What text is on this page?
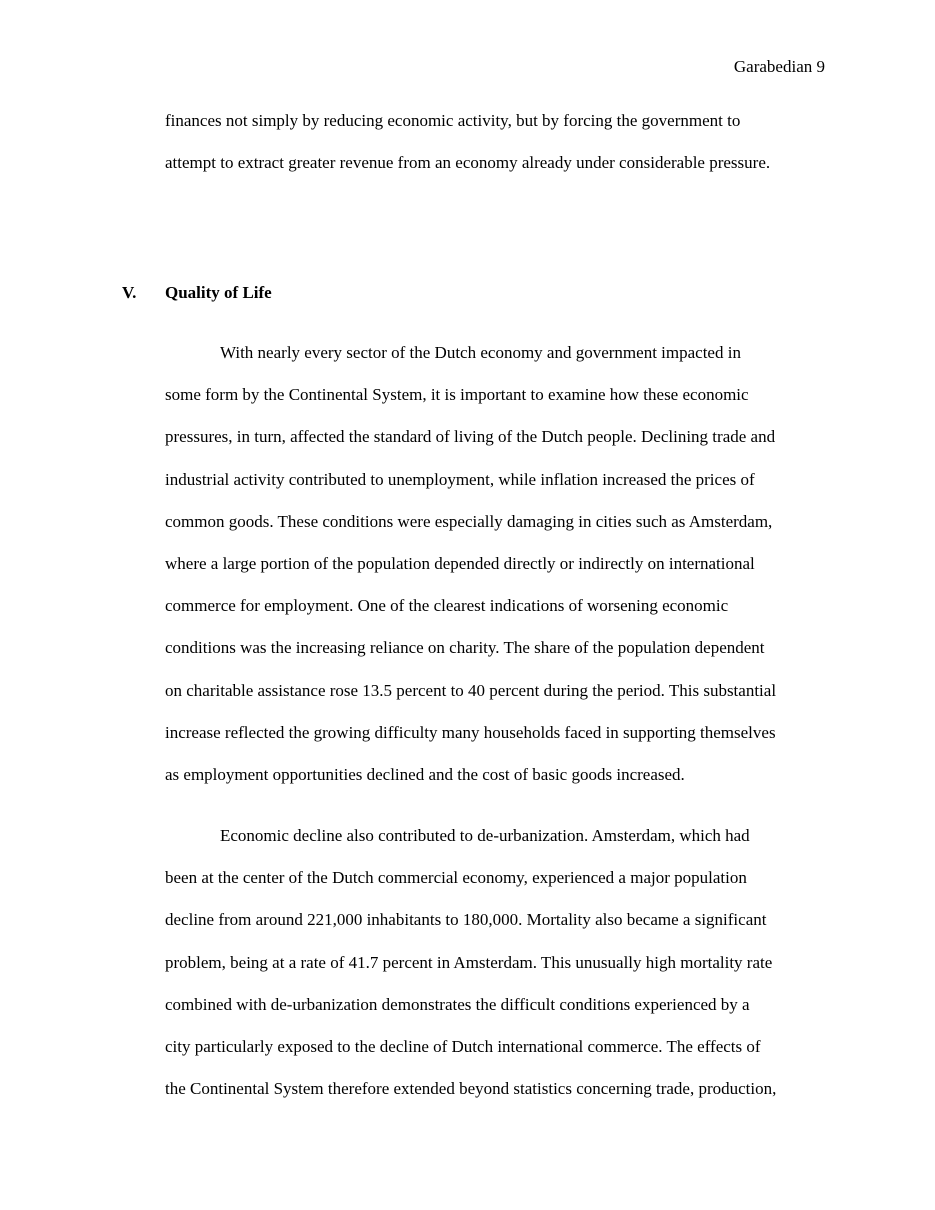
Garabedian 9

finances not simply by reducing economic activity, but by forcing the government to
attempt to extract greater revenue from an economy already under considerable pressure.

V. Quality of Life

With nearly every sector of the Dutch economy and government impacted in
some form by the Continental System, it is important to examine how these economic
pressures, in turn, affected the standard of living of the Dutch people. Declining trade and
industrial activity contributed to unemployment, while inflation increased the prices of
common goods. These conditions were especially damaging in cities such as Amsterdam,
where a large portion of the population depended directly or indirectly on international
commerce for employment. One of the clearest indications of worsening economic
conditions was the increasing reliance on charity. The share of the population dependent
on charitable assistance rose 13.5 percent to 40 percent during the period. This substantial
increase reflected the growing difficulty many households faced in supporting themselves
as employment opportunities declined and the cost of basic goods increased.

Economic decline also contributed to de-urbanization. Amsterdam, which had
been at the center of the Dutch commercial economy, experienced a major population
decline from around 221,000 inhabitants to 180,000. Mortality also became a significant
problem, being at a rate of 41.7 percent in Amsterdam. This unusually high mortality rate
combined with de-urbanization demonstrates the difficult conditions experienced by a
city particularly exposed to the decline of Dutch international commerce. The effects of
the Continental System therefore extended beyond statistics concerning trade, production,
